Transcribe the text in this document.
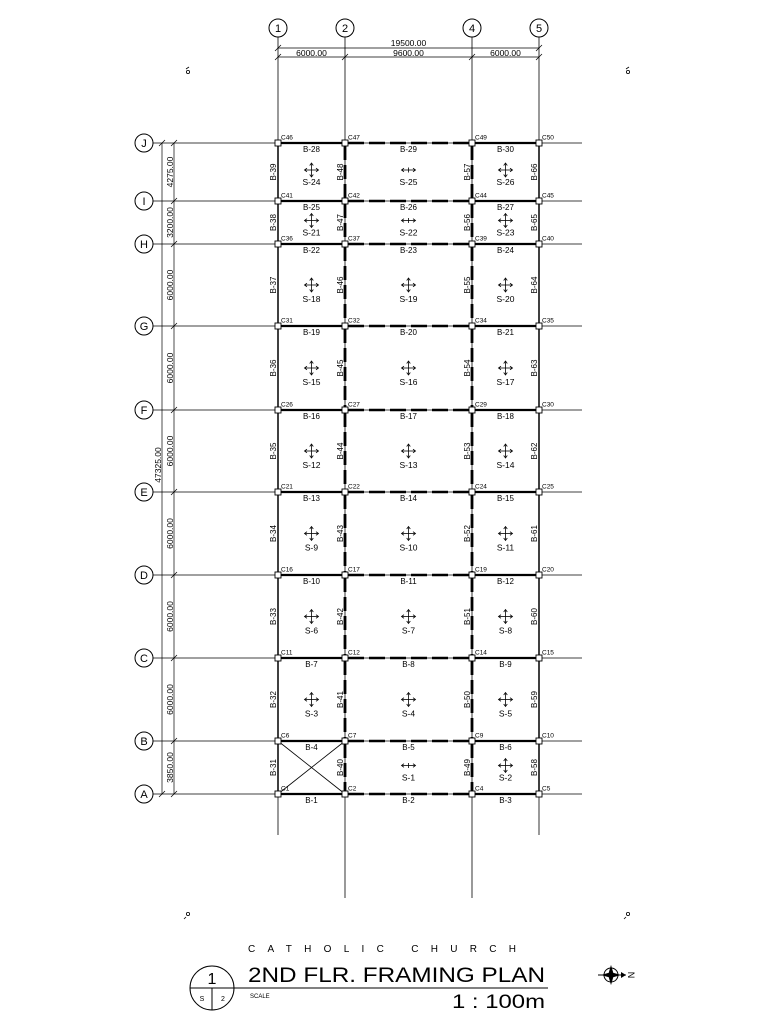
19500.00
6000.00	9600.00	6000.00
4275.00
3200.00
6000.00
6000.00
6000.00
6000.00
6000.00
6000.00
3850.00
47325.00
B-28	B-29	B-30
B-25	B-26	B-27
B-22	B-23	B-24
B-19	B-20	B-21
B-16	B-17	B-18
B-13	B-14	B-15
B-10	B-11	B-12
B-7	B-8	B-9
B-4	B-5	B-6
B-1	B-2	B-3
B-39
B-38
B-37
B-36
B-35
B-34
B-33
B-32
B-31
B-48
B-47
B-46
B-45
B-44
B-43
B-42
B-41
B-40
B-57
B-56
B-55
B-54
B-53
B-52
B-51
B-50
B-49
B-66
B-65
B-64
B-63
B-62
B-61
B-60
B-59
B-58
S-24	S-25	S-26
S-21	S-22	S-23
S-18	S-19	S-20
S-15	S-16	S-17
S-12	S-13	S-14
S-9	S-10	S-11
S-6	S-7	S-8
S-3	S-4	S-5
S-1	S-2
C46	C47	C49	C50
C41	C42	C44	C45
C36	C37	C39	C40
C31	C32	C34	C35
C26	C27	C29	C30
C21	C22	C24	C25
C16	C17	C19	C20
C11	C12	C14	C15
C6	C7	C9	C10
C1	C2	C4	C5
1	2	4	5
J
I
H
G
F
E
D
C
B
A
CATHOLIC CHURCH
1
S 2
2ND FLR. FRAMING PLAN
SCALE	1 : 100m
N
